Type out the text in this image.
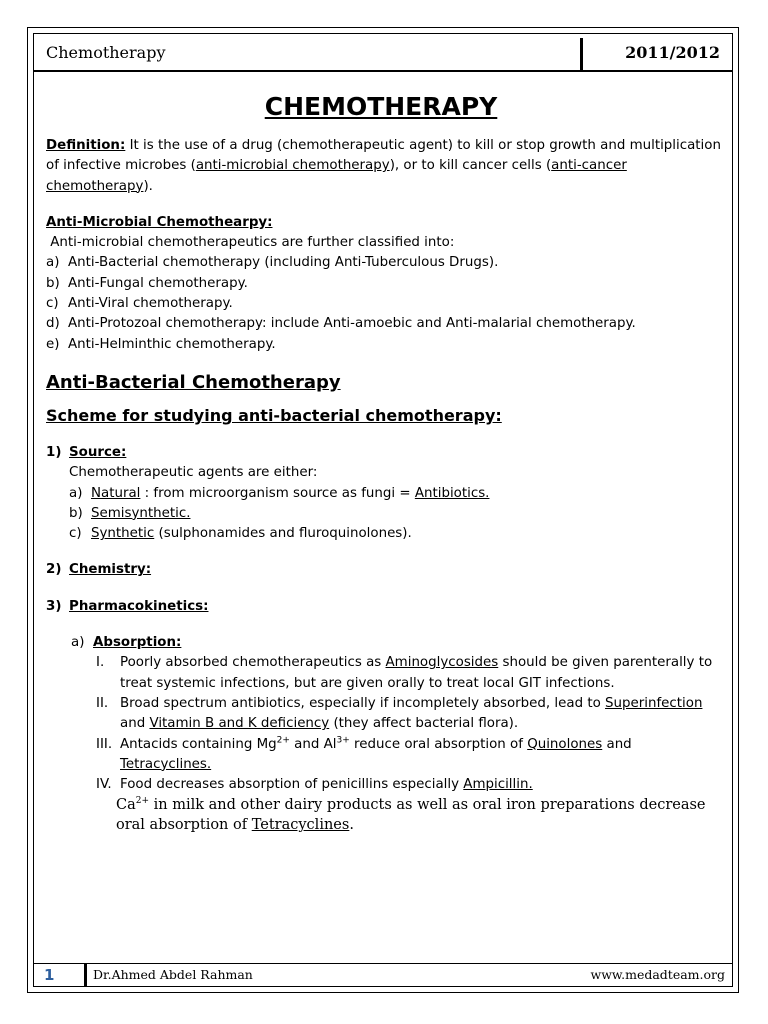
Chemotherapy	2011/2012
CHEMOTHERAPY

Definition: It is the use of a drug (chemotherapeutic agent) to kill or stop growth and multiplication of infective microbes (anti-microbial chemotherapy), or to kill cancer cells (anti-cancer chemotherapy).

Anti-Microbial Chemothearpy:

Anti-microbial chemotherapeutics are further classified into:

a) Anti-Bacterial chemotherapy (including Anti-Tuberculous Drugs).
b) Anti-Fungal chemotherapy.
c) Anti-Viral chemotherapy.
d) Anti-Protozoal chemotherapy: include Anti-amoebic and Anti-malarial chemotherapy.
e) Anti-Helminthic chemotherapy.

Anti-Bacterial Chemotherapy

Scheme for studying anti-bacterial chemotherapy:

1) Source:

Chemotherapeutic agents are either:

a) Natural : from microorganism source as fungi = Antibiotics.
b) Semisynthetic.
c) Synthetic (sulphonamides and fluroquinolones).
2) Chemistry:
3) Pharmacokinetics:
a) Absorption:
I.	Poorly absorbed chemotherapeutics as Aminoglycosides should be given parenterally to treat systemic infections, but are given orally to treat local GIT infections.
II. Broad spectrum antibiotics, especially if incompletely absorbed, lead to Superinfection and Vitamin B and K deficiency (they affect bacterial flora).
III. Antacids containing $Mg^{2+}$ and $Al^{3+}$ reduce oral absorption of Quinolones and Tetracyclines.
IV. Food decreases absorption of penicillins especially Ampicillin.

$Ca^{2+}$ in milk and other dairy products as well as oral iron preparations decrease oral absorption of Tetracyclines.

1	Dr.Ahmed Abdel Rahman	www.medadteam.org
